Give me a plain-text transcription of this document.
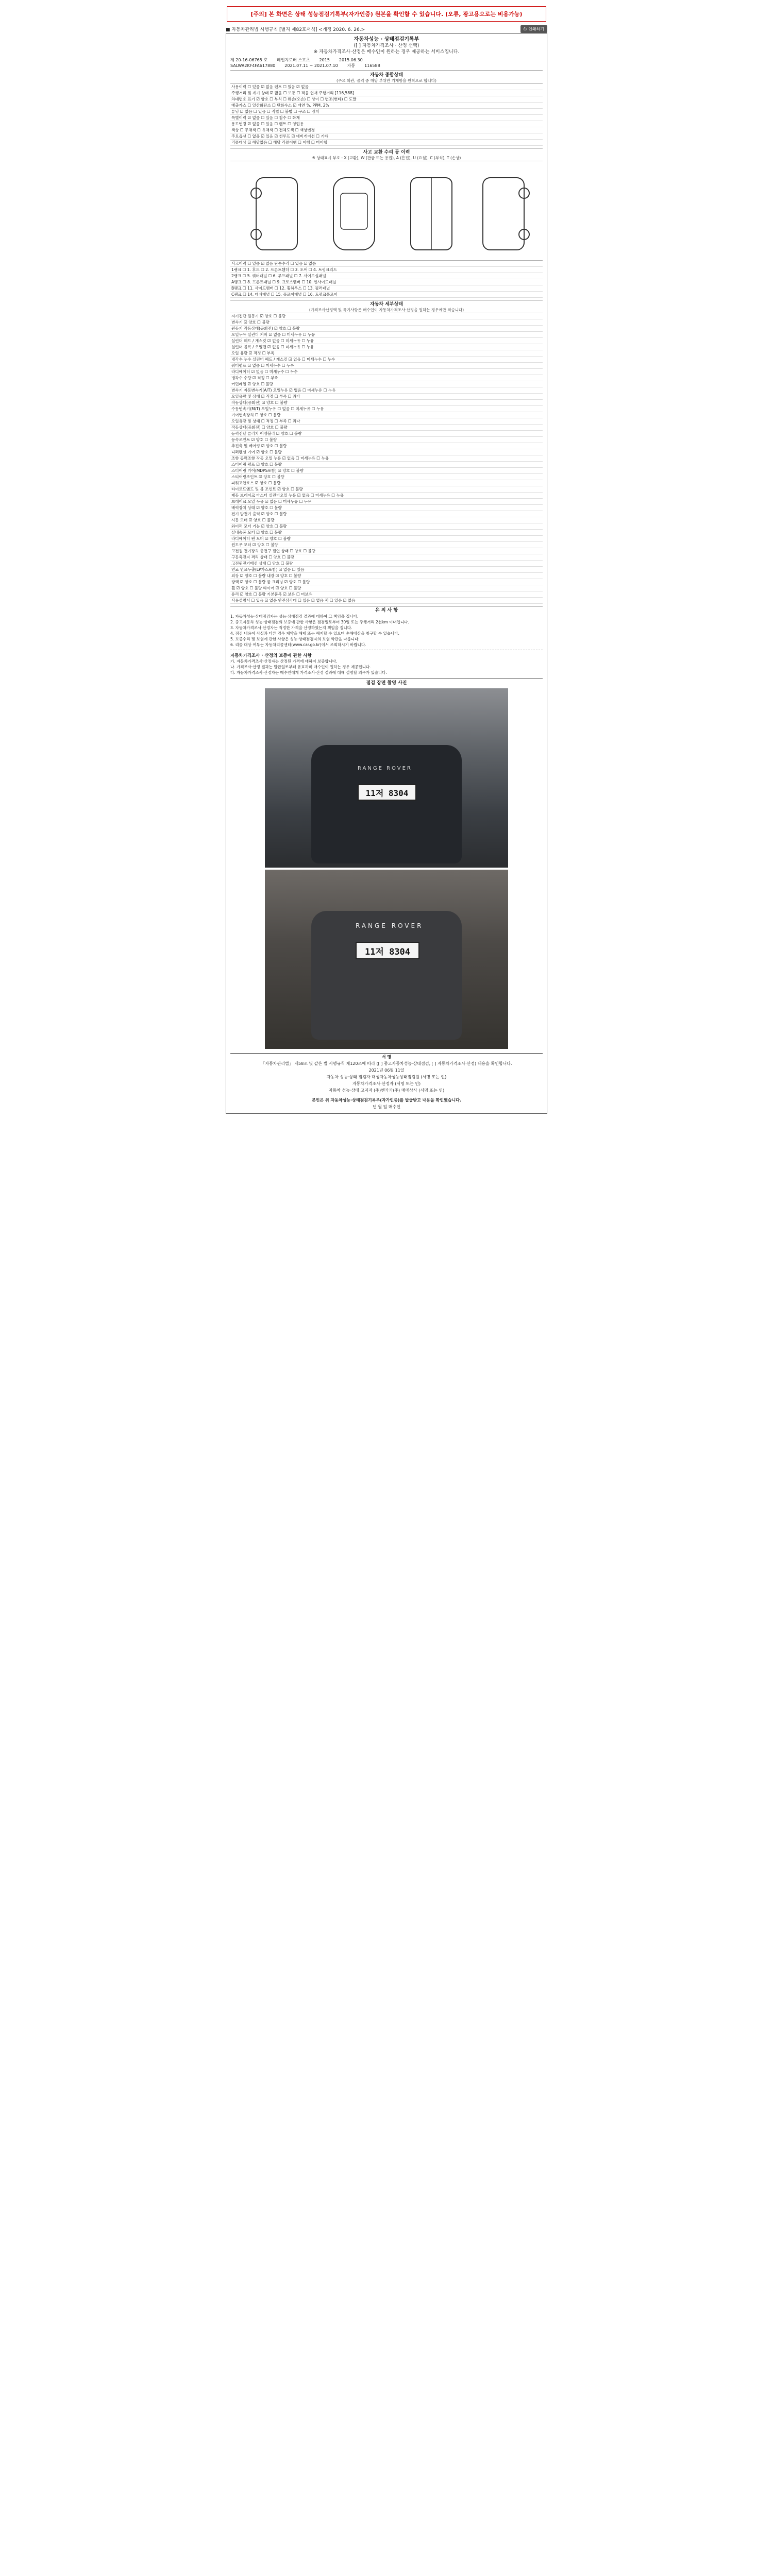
[주의] 본 화면은 상태 성능점검기록부(자가인증) 원본을 확인할 수 있습니다. (오류, 광고용으로는 비용가능)
■ 자동차관리법 시행규칙 [별지 제82호서식] <개정 2020. 6. 26.>	⎙ 인쇄하기
자동차성능 · 상태점검기록부
([ ] 자동차가격조사 · 산정 선택)
※ 자동차가격조사·산정은 매수인이 원하는 경우 제공하는 서비스입니다.
제 20-16-06765 호 레인지로버 스포츠 2015 2015.06.30
SALWA2KF4FA617880 2021.07.11 ~ 2021.07.10 자동 116588
자동차 종합상태
(주요 외관, 골격 중 해당 부위만 기재함을 원칙으로 합니다)
사용이력 ☐ 있음 ☑ 없음 렌트 ☐ 있음 ☑ 없음
주행거리 및 계기 상태 ☑ 많음 ☐ 보통 ☐ 적음 현재 주행거리 [116,588]
차대번호 표기 ☑ 양호 ☐ 부식 ☐ 훼손(오손) ☐ 상이 ☐ 변조(변타) ☐ 도말
배출가스 ☐ 일산화탄소 ☐ 탄화수소 ☑ 매연 %, PPM, 2%
튜닝 ☑ 없음 ☐ 있음 ☐ 적법 ☐ 불법 ☐ 구조 ☐ 장치
특별이력 ☑ 없음 ☐ 있음 ☐ 침수 ☐ 화재
용도변경 ☑ 없음 ☐ 있음 ☐ 렌트 ☐ 영업용
색상 ☐ 무채색 ☐ 유채색 ☐ 전체도색 ☐ 색상변경
주요옵션 ☐ 없음 ☑ 있음 ☑ 썬루프 ☑ 네비게이션 ☐ 기타
리콜대상 ☑ 해당없음 ☐ 해당 리콜이행 ☐ 이행 ☐ 미이행
사고 교환 수리 등 이력
※ 상태표시 부호 : X (교환), W (판금 또는 용접), A (흠집), U (요철), C (부식), T (손상)
사고이력 ☐ 있음 ☑ 없음 단순수리 ☐ 있음 ☑ 없음
1랭크 ☐ 1. 후드 ☐ 2. 프론트휀더 ☐ 3. 도어 ☐ 4. 트렁크리드
2랭크 ☐ 5. 쿼터패널 ☐ 6. 루프패널 ☐ 7. 사이드실패널
A랭크 ☐ 8. 프론트패널 ☐ 9. 크로스멤버 ☐ 10. 인사이드패널
B랭크 ☐ 11. 사이드멤버 ☐ 12. 휠하우스 ☐ 13. 필러패널
C랭크 ☐ 14. 대쉬패널 ☐ 15. 플로어패널 ☐ 16. 트렁크플로어
자동차 세부상태
(가격조사산정액 및 특기사항은 매수인이 자동차가격조사·산정을 원하는 경우에만 적습니다)
자기진단 원동기 ☑ 양호 ☐ 불량
변속기 ☑ 양호 ☐ 불량
원동기 작동상태(공회전) ☑ 양호 ☐ 불량
오일누유 실린더 커버 ☑ 없음 ☐ 미세누유 ☐ 누유
실린더 헤드 / 개스킷 ☑ 없음 ☐ 미세누유 ☐ 누유
실린더 블록 / 오일팬 ☑ 없음 ☐ 미세누유 ☐ 누유
오일 유량 ☑ 적정 ☐ 부족
냉각수 누수 실린더 헤드 / 개스킷 ☑ 없음 ☐ 미세누수 ☐ 누수
워터펌프 ☑ 없음 ☐ 미세누수 ☐ 누수
라디에이터 ☑ 없음 ☐ 미세누수 ☐ 누수
냉각수 수량 ☑ 적정 ☐ 부족
커먼레일 ☑ 양호 ☐ 불량
변속기 자동변속기(A/T) 오일누유 ☑ 없음 ☐ 미세누유 ☐ 누유
오일유량 및 상태 ☑ 적정 ☐ 부족 ☐ 과다
작동상태(공회전) ☑ 양호 ☐ 불량
수동변속기(M/T) 오일누유 ☐ 없음 ☐ 미세누유 ☐ 누유
기어변속장치 ☐ 양호 ☐ 불량
오일유량 및 상태 ☐ 적정 ☐ 부족 ☐ 과다
작동상태(공회전) ☐ 양호 ☐ 불량
동력전달 클러치 어셈블리 ☑ 양호 ☐ 불량
등속조인트 ☑ 양호 ☐ 불량
추진축 및 베어링 ☑ 양호 ☐ 불량
디퍼렌셜 기어 ☑ 양호 ☐ 불량
조향 동력조향 작동 오일 누유 ☑ 없음 ☐ 미세누유 ☐ 누유
스티어링 펌프 ☑ 양호 ☐ 불량
스티어링 기어(MDPS포함) ☑ 양호 ☐ 불량
스티어링조인트 ☑ 양호 ☐ 불량
파워고압호스 ☑ 양호 ☐ 불량
타이로드엔드 및 볼 조인트 ☑ 양호 ☐ 불량
제동 브레이크 마스터 실린더오일 누유 ☑ 없음 ☐ 미세누유 ☐ 누유
브레이크 오일 누유 ☑ 없음 ☐ 미세누유 ☐ 누유
배력장치 상태 ☑ 양호 ☐ 불량
전기 발전기 출력 ☑ 양호 ☐ 불량
시동 모터 ☑ 양호 ☐ 불량
와이퍼 모터 기능 ☑ 양호 ☐ 불량
실내송풍 모터 ☑ 양호 ☐ 불량
라디에이터 팬 모터 ☑ 양호 ☐ 불량
윈도우 모터 ☑ 양호 ☐ 불량
고전원 전기장치 충전구 절연 상태 ☐ 양호 ☐ 불량
구동축전지 격리 상태 ☐ 양호 ☐ 불량
고전원전기배선 상태 ☐ 양호 ☐ 불량
연료 연료누출(LP가스포함) ☑ 없음 ☐ 있음
외장 ☑ 양호 ☐ 불량 내장 ☑ 양호 ☐ 불량
광택 ☑ 양호 ☐ 불량 룸 크리닝 ☑ 양호 ☐ 불량
휠 ☑ 양호 ☐ 불량 타이어 ☑ 양호 ☐ 불량
유리 ☑ 양호 ☐ 불량 기본품목 ☑ 보유 ☐ 미보유
사용설명서 ☐ 있음 ☑ 없음 안전삼각대 ☐ 있음 ☑ 없음 잭 ☐ 있음 ☑ 없음
유 의 사 항
1. 자동차성능·상태점검자는 성능·상태점검 결과에 대하여 그 책임을 집니다.
2. 중고자동차 성능·상태점검의 보증에 관한 사항은 점검일로부터 30일 또는 주행거리 2천km 이내입니다.
3. 자동차가격조사·산정자는 적정한 가격을 산정하였는지 책임을 집니다.
4. 점검 내용이 사실과 다른 경우 계약을 해제 또는 해지할 수 있으며 손해배상을 청구할 수 있습니다.
5. 보증수리 및 보험에 관한 사항은 성능·상태점검자의 보험 약관을 따릅니다.
6. 리콜 대상 여부는 자동차리콜센터(www.car.go.kr)에서 조회하시기 바랍니다.
자동차가격조사 · 산정의 보증에 관한 사항
가. 자동차가격조사·산정자는 산정된 가격에 대하여 보증합니다.
나. 가격조사·산정 결과는 발급일로부터 유효하며 매수인이 원하는 경우 제공됩니다.
다. 자동차가격조사·산정자는 매수인에게 가격조사·산정 결과에 대해 설명할 의무가 있습니다.
점검 장면 촬영 사진
RANGE ROVER
11저 8304
RANGE ROVER
11저 8304
서 명
「자동차관리법」 제58조 및 같은 법 시행규칙 제120조에 따라 ([ ] 중고자동차성능·상태점검, [ ] 자동차가격조사·산정) 내용을 확인합니다.
2021년 06월 11일
자동차 성능·상태 점검자 대성자동차성능상태점검원 (서명 또는 인)
자동차가격조사·산정자 (서명 또는 인)
자동차 성능·상태 고지자 (주)엔카카(주) 매매상사 (서명 또는 인)
본인은 위 자동차성능·상태점검기록부(자가인증)를 발급받고 내용을 확인했습니다.
년 월 일 매수인
